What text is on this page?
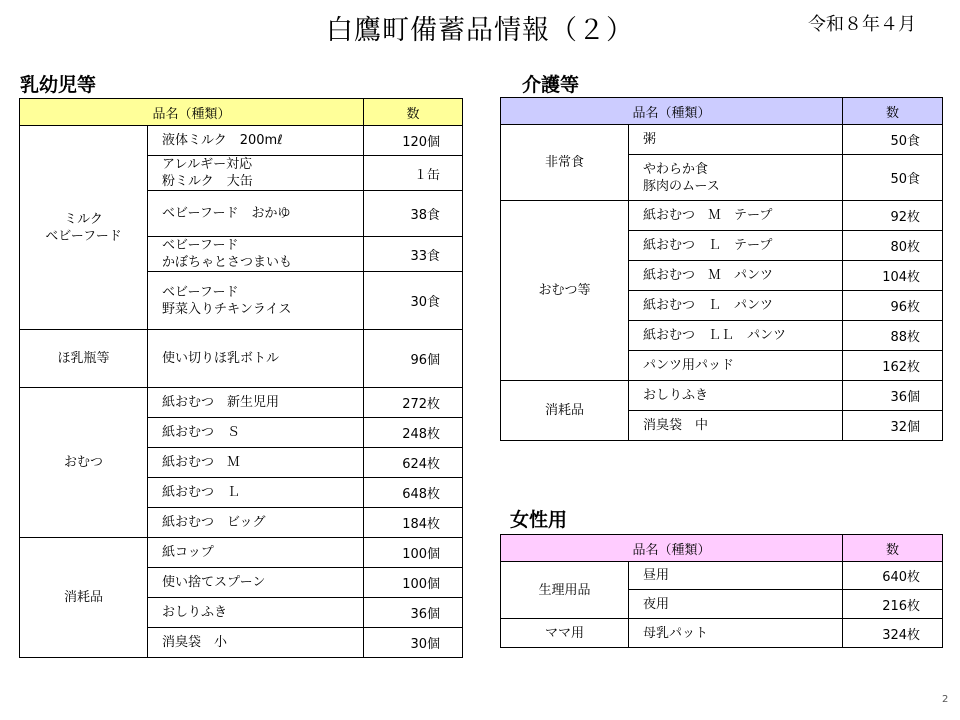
白鷹町備蓄品情報（２）	令和８年４月
乳幼児等
品名（種類）		数
ミルク
ベビーフード	液体ミルク　200mℓ	120個
	アレルギー対応
粉ミルク　大缶	１缶
	ベビーフード　おかゆ	38食
	ベビーフード
かぼちゃとさつまいも	33食
	ベビーフード
野菜入りチキンライス	30食
ほ乳瓶等	使い切りほ乳ボトル	96個
おむつ	紙おむつ　新生児用	272枚
	紙おむつ　Ｓ	248枚
	紙おむつ　Ｍ	624枚
	紙おむつ　Ｌ	648枚
	紙おむつ　ビッグ	184枚
消耗品	紙コップ	100個
	使い捨てスプーン	100個
	おしりふき	36個
	消臭袋　小	30個
介護等
品名（種類）		数
非常食	粥	50食
	やわらか食
豚肉のムース	50食
おむつ等	紙おむつ　Ｍ　テープ	92枚
	紙おむつ　Ｌ　テープ	80枚
	紙おむつ　Ｍ　パンツ	104枚
	紙おむつ　Ｌ　パンツ	96枚
	紙おむつ　ＬＬ　パンツ	88枚
	パンツ用パッド	162枚
消耗品	おしりふき	36個
	消臭袋　中	32個
女性用
品名（種類）		数
生理用品	昼用	640枚
	夜用	216枚
ママ用	母乳パット	324枚
2
